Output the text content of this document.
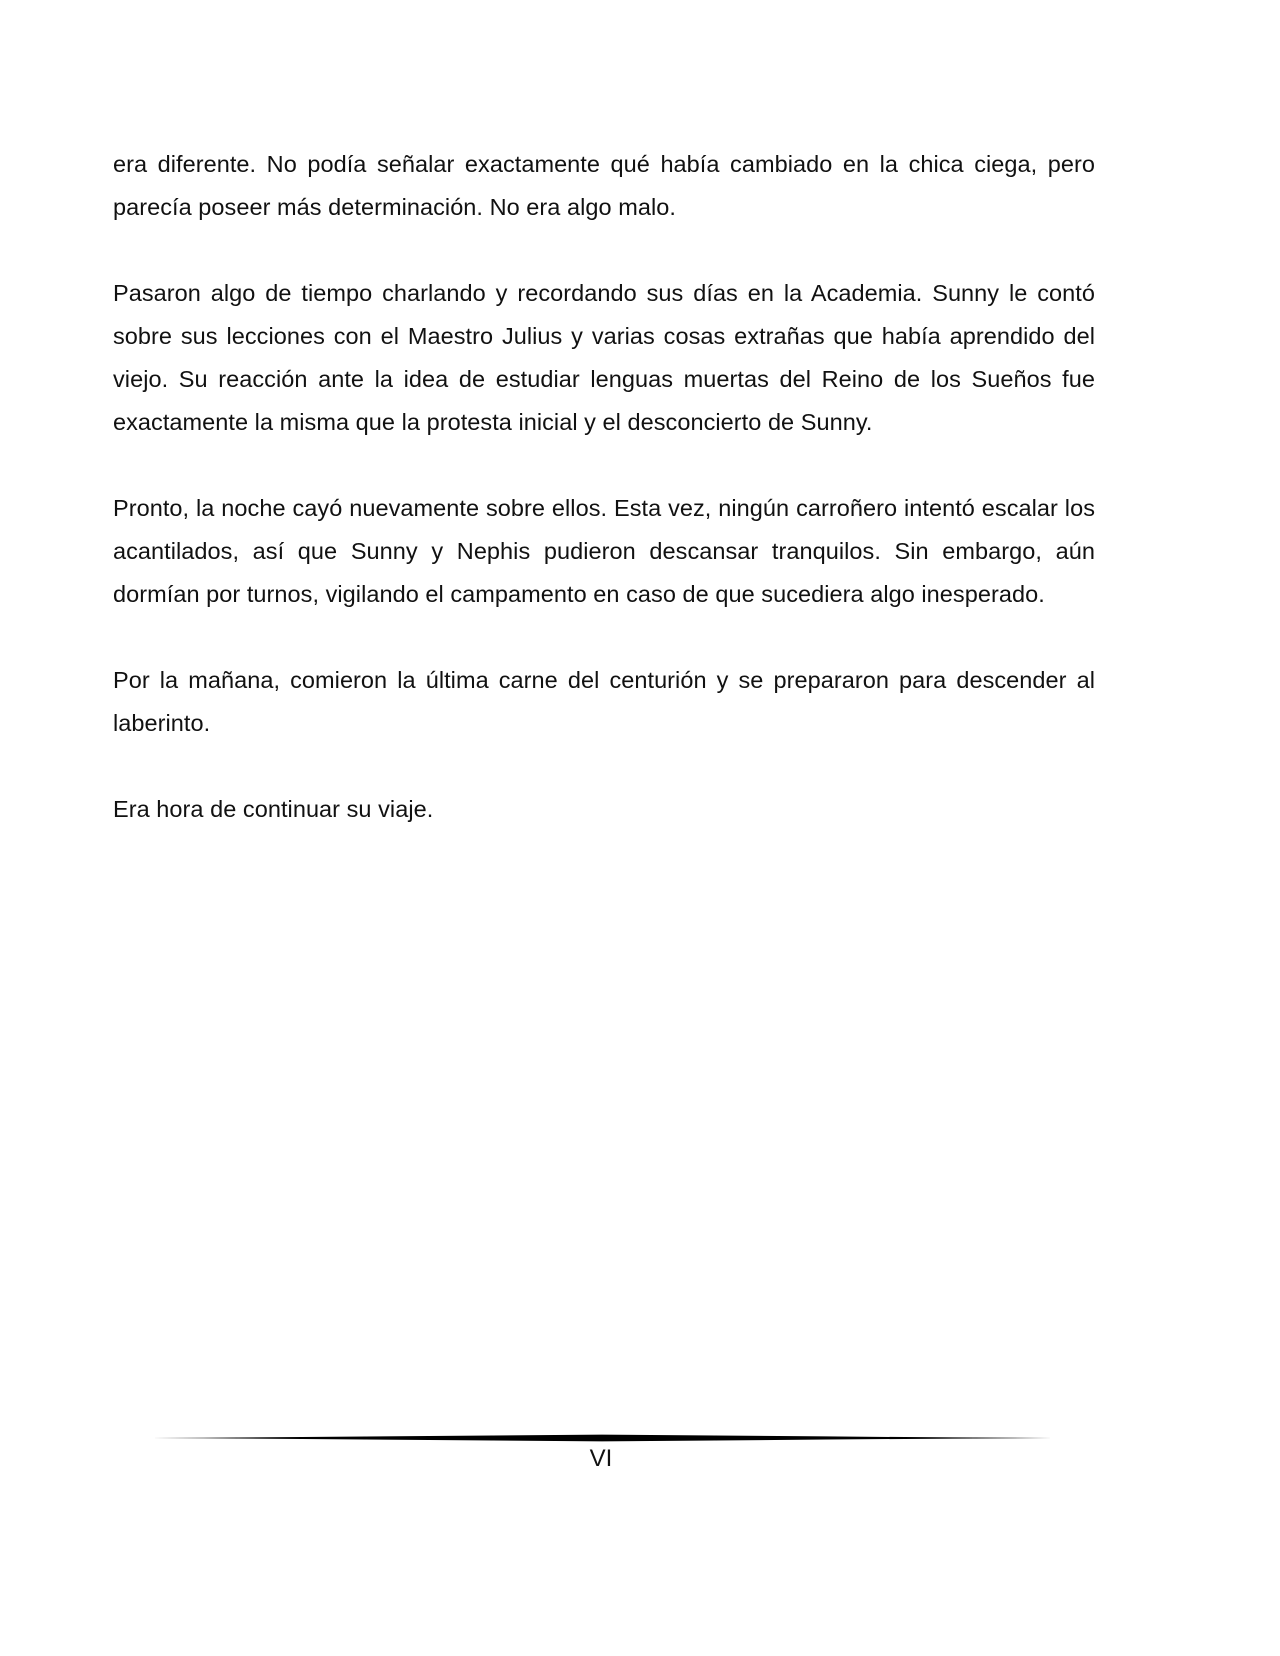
era diferente. No podía señalar exactamente qué había cambiado en la chica ciega, pero parecía poseer más determinación. No era algo malo.

Pasaron algo de tiempo charlando y recordando sus días en la Academia. Sunny le contó sobre sus lecciones con el Maestro Julius y varias cosas extrañas que había aprendido del viejo. Su reacción ante la idea de estudiar lenguas muertas del Reino de los Sueños fue exactamente la misma que la protesta inicial y el desconcierto de Sunny.

Pronto, la noche cayó nuevamente sobre ellos. Esta vez, ningún carroñero intentó escalar los acantilados, así que Sunny y Nephis pudieron descansar tranquilos. Sin embargo, aún dormían por turnos, vigilando el campamento en caso de que sucediera algo inesperado.

Por la mañana, comieron la última carne del centurión y se prepararon para descender al laberinto.

Era hora de continuar su viaje.

VI
